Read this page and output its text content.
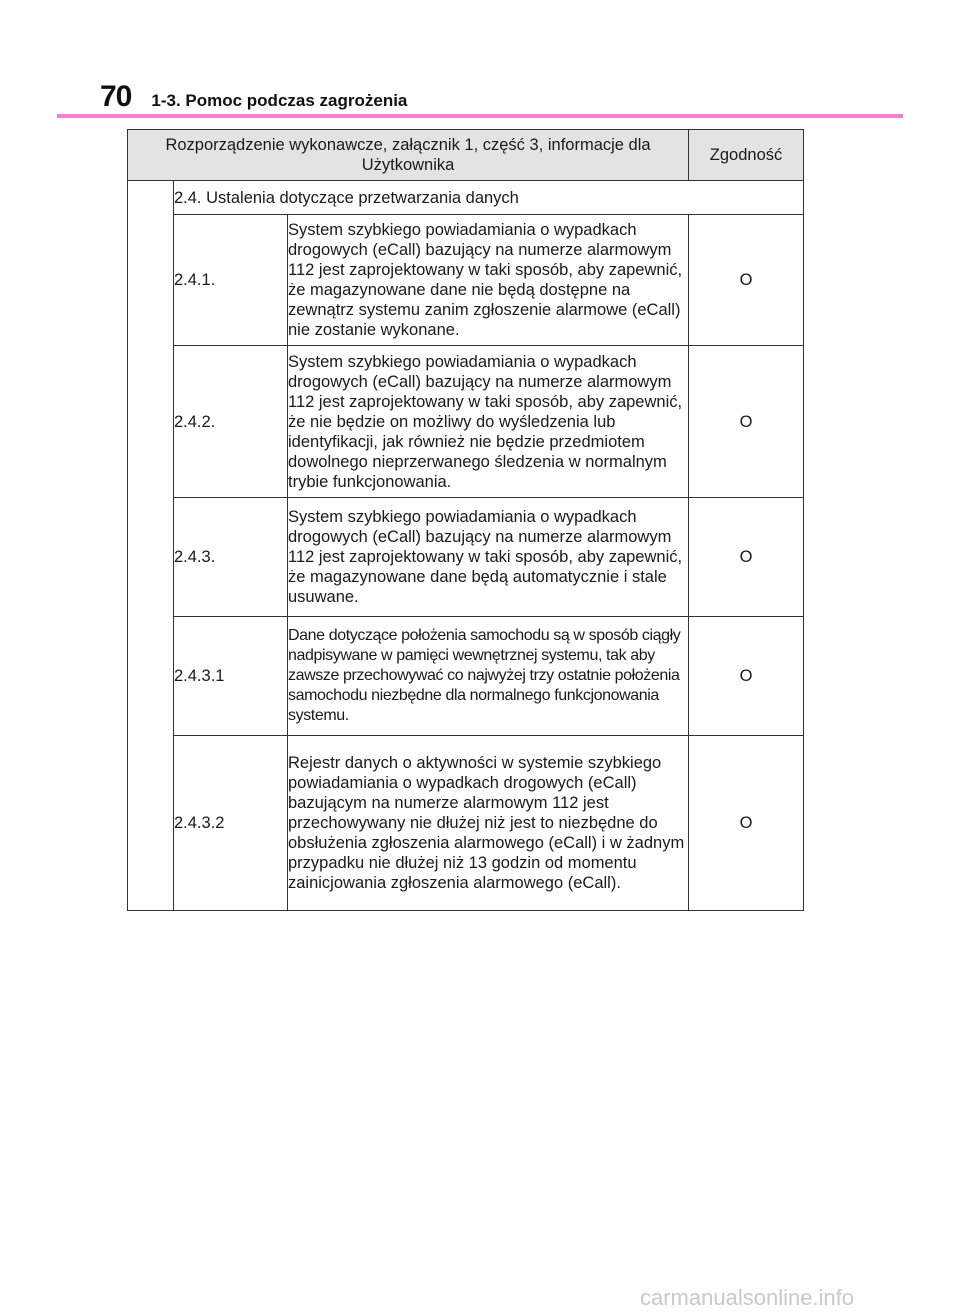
70 1-3. Pomoc podczas zagrożenia
Rozporządzenie wykonawcze, załącznik 1, część 3, informacje dla Użytkownika			Zgodność
	2.4. Ustalenia dotyczące przetwarzania danych		
	2.4.1.	System szybkiego powiadamiania o wypadkach drogowych (eCall) bazujący na numerze alarmowym 112 jest zaprojektowany w taki sposób, aby zapewnić, że magazynowane dane nie będą dostępne na zewnątrz systemu zanim zgłoszenie alarmowe (eCall) nie zostanie wykonane.	O
	2.4.2.	System szybkiego powiadamiania o wypadkach drogowych (eCall) bazujący na numerze alarmowym 112 jest zaprojektowany w taki sposób, aby zapewnić, że nie będzie on możliwy do wyśledzenia lub identyfikacji, jak również nie będzie przedmiotem dowolnego nieprzerwanego śledzenia w normalnym trybie funkcjonowania.	O
	2.4.3.	System szybkiego powiadamiania o wypadkach drogowych (eCall) bazujący na numerze alarmowym 112 jest zaprojektowany w taki sposób, aby zapewnić, że magazynowane dane będą automatycznie i stale usuwane.	O
	2.4.3.1	Dane dotyczące położenia samochodu są w sposób ciągły nadpisywane w pamięci wewnętrznej systemu, tak aby zawsze przechowywać co najwyżej trzy ostatnie położenia samochodu niezbędne dla normalnego funkcjonowania systemu.	O
	2.4.3.2	Rejestr danych o aktywności w systemie szybkiego powiadamiania o wypadkach drogowych (eCall) bazującym na numerze alarmowym 112 jest przechowywany nie dłużej niż jest to niezbędne do obsłużenia zgłoszenia alarmowego (eCall) i w żadnym przypadku nie dłużej niż 13 godzin od momentu zainicjowania zgłoszenia alarmowego (eCall).	O
carmanualsonline.info
